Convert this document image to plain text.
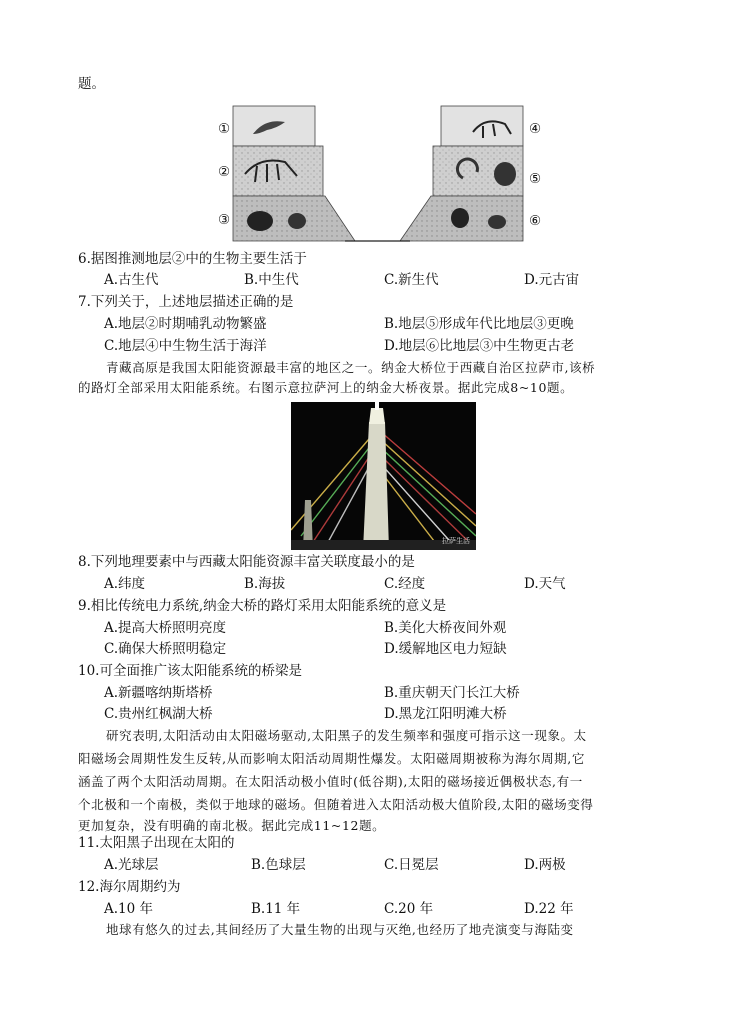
题。
①
②
③
④
⑤
⑥
6.据图推测地层②中的生物主要生活于
A.古生代	B.中生代	C.新生代	D.元古宙
7.下列关于，上述地层描述正确的是
A.地层②时期哺乳动物繁盛	B.地层⑤形成年代比地层③更晚
C.地层④中生物生活于海洋	D.地层⑥比地层③中生物更古老
青藏高原是我国太阳能资源最丰富的地区之一。纳金大桥位于西藏自治区拉萨市,该桥
的路灯全部采用太阳能系统。右图示意拉萨河上的纳金大桥夜景。据此完成8~10题。
拉萨生活
8.下列地理要素中与西藏太阳能资源丰富关联度最小的是
A.纬度	B.海拔	C.经度	D.天气
9.相比传统电力系统,纳金大桥的路灯采用太阳能系统的意义是
A.提高大桥照明亮度	B.美化大桥夜间外观
C.确保大桥照明稳定	D.缓解地区电力短缺
10.可全面推广该太阳能系统的桥梁是
A.新疆喀纳斯塔桥	B.重庆朝天门长江大桥
C.贵州红枫湖大桥	D.黑龙江阳明滩大桥
研究表明,太阳活动由太阳磁场驱动,太阳黑子的发生频率和强度可指示这一现象。太
阳磁场会周期性发生反转,从而影响太阳活动周期性爆发。太阳磁周期被称为海尔周期,它
涵盖了两个太阳活动周期。在太阳活动极小值时(低谷期),太阳的磁场接近偶极状态,有一
个北极和一个南极，类似于地球的磁场。但随着进入太阳活动极大值阶段,太阳的磁场变得
更加复杂，没有明确的南北极。据此完成11~12题。
11.太阳黑子出现在太阳的
A.光球层	B.色球层	C.日冕层	D.两极
12.海尔周期约为
A.10 年	B.11 年	C.20 年	D.22 年
地球有悠久的过去,其间经历了大量生物的出现与灭绝,也经历了地壳演变与海陆变
